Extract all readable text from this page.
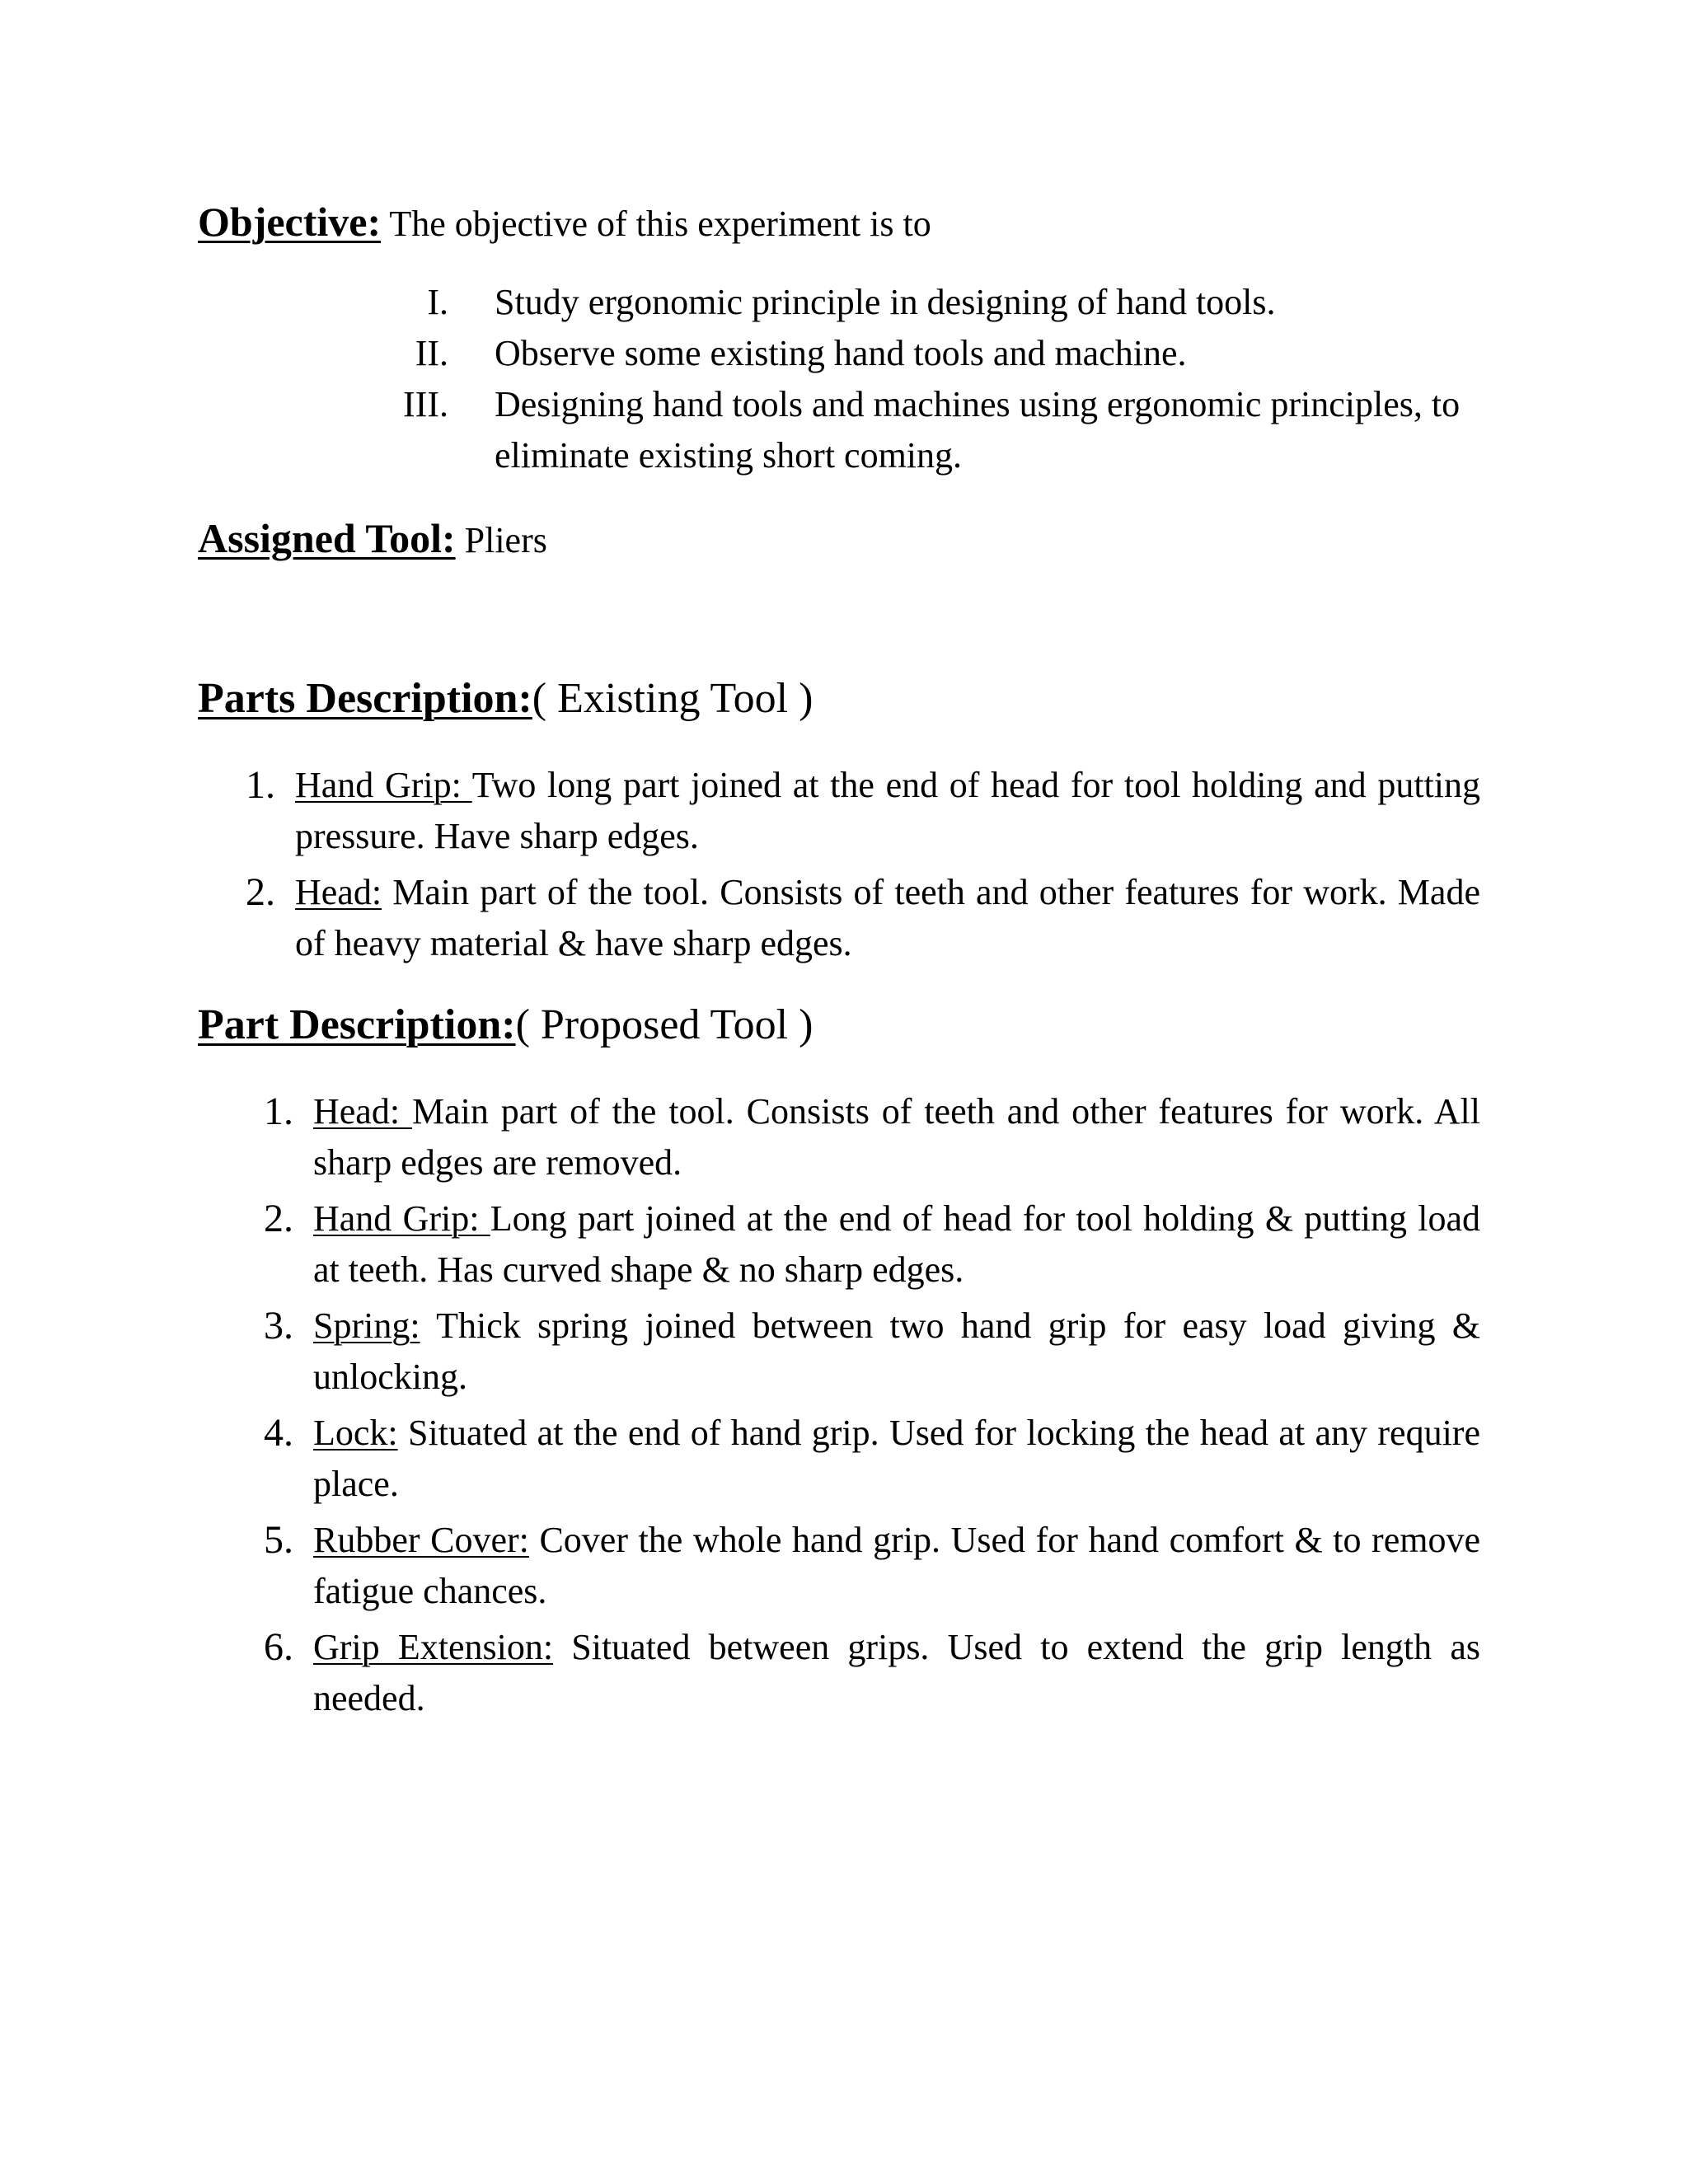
Objective: The objective of this experiment is to
I.	Study ergonomic principle in designing of hand tools.
II.	Observe some existing hand tools and machine.
III.	Designing hand tools and machines using ergonomic principles, to eliminate existing short coming.
Assigned Tool: Pliers
Parts Description:( Existing Tool )
1. Hand Grip: Two long part joined at the end of head for tool holding and putting pressure. Have sharp edges.
2. Head: Main part of the tool. Consists of teeth and other features for work. Made of heavy material & have sharp edges.
Part Description:( Proposed Tool )
1. Head: Main part of the tool. Consists of teeth and other features for work. All sharp edges are removed.
2. Hand Grip: Long part joined at the end of head for tool holding & putting load at teeth. Has curved shape & no sharp edges.
3. Spring: Thick spring joined between two hand grip for easy load giving & unlocking.
4. Lock: Situated at the end of hand grip. Used for locking the head at any require place.
5. Rubber Cover: Cover the whole hand grip. Used for hand comfort & to remove fatigue chances.
6. Grip Extension: Situated between grips. Used to extend the grip length as needed.
